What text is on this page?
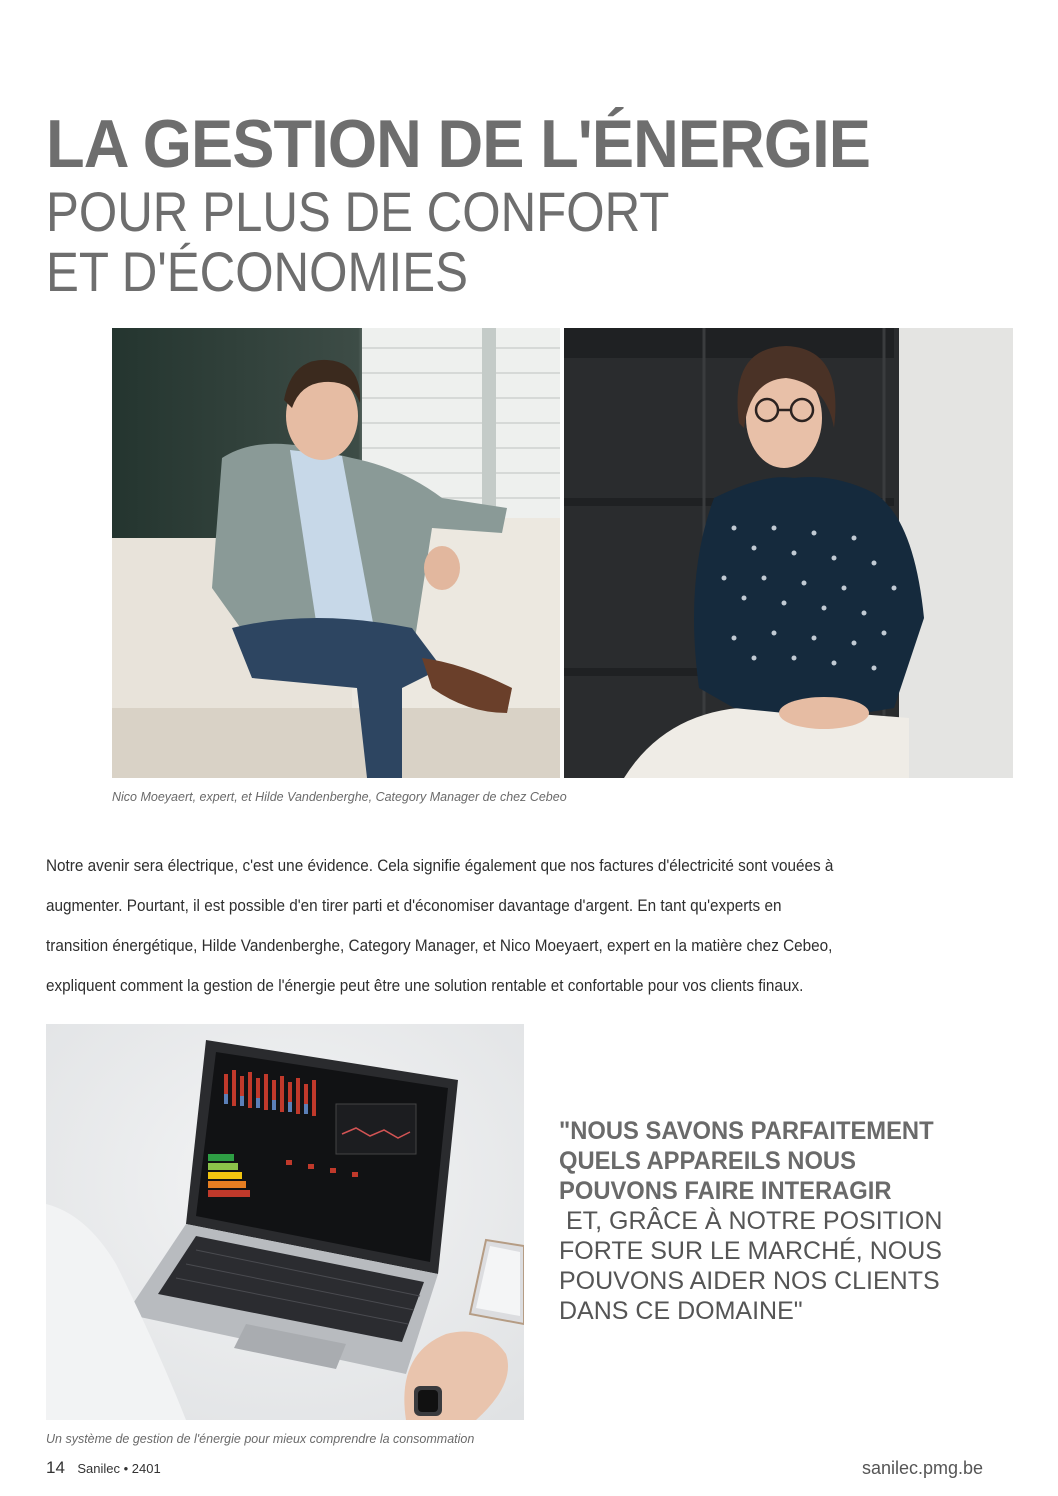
LA GESTION DE L'ÉNERGIE
POUR PLUS DE CONFORT
ET D'ÉCONOMIES
Nico Moeyaert, expert, et Hilde Vandenberghe, Category Manager de chez Cebeo

Notre avenir sera électrique, c'est une évidence. Cela signifie également que nos factures d'électricité sont vouées à
augmenter. Pourtant, il est possible d'en tirer parti et d'économiser davantage d'argent. En tant qu'experts en
transition énergétique, Hilde Vandenberghe, Category Manager, et Nico Moeyaert, expert en la matière chez Cebeo,
expliquent comment la gestion de l'énergie peut être une solution rentable et confortable pour vos clients finaux.

Un système de gestion de l'énergie pour mieux comprendre la consommation
"NOUS SAVONS PARFAITEMENT
QUELS APPAREILS NOUS
POUVONS FAIRE INTERAGIR
ET, GRÂCE À NOTRE POSITION
FORTE SUR LE MARCHÉ, NOUS
POUVONS AIDER NOS CLIENTS
DANS CE DOMAINE"
14 Sanilec • 2401	sanilec.pmg.be
